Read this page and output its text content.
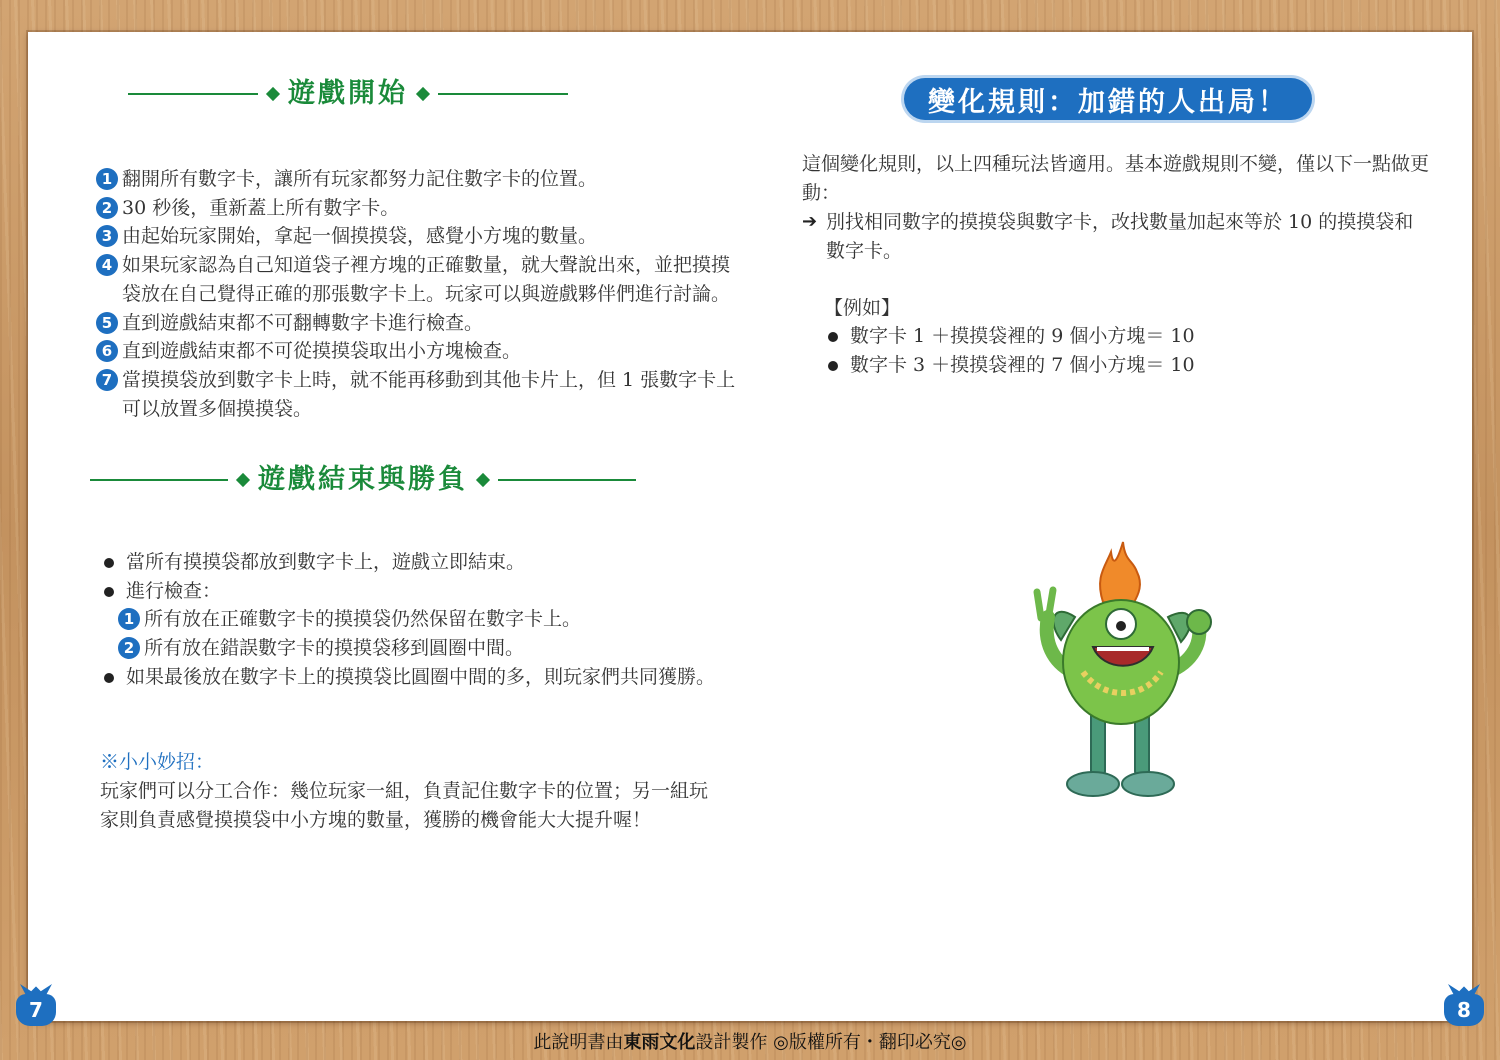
遊戲開始
1 翻開所有數字卡，讓所有玩家都努力記住數字卡的位置。
2 30 秒後，重新蓋上所有數字卡。
3 由起始玩家開始，拿起一個摸摸袋，感覺小方塊的數量。
4 如果玩家認為自己知道袋子裡方塊的正確數量，就大聲說出來，並把摸摸袋放在自己覺得正確的那張數字卡上。玩家可以與遊戲夥伴們進行討論。
5 直到遊戲結束都不可翻轉數字卡進行檢查。
6 直到遊戲結束都不可從摸摸袋取出小方塊檢查。
7 當摸摸袋放到數字卡上時，就不能再移動到其他卡片上，但 1 張數字卡上可以放置多個摸摸袋。
遊戲結束與勝負
當所有摸摸袋都放到數字卡上，遊戲立即結束。
進行檢查：
1 所有放在正確數字卡的摸摸袋仍然保留在數字卡上。
2 所有放在錯誤數字卡的摸摸袋移到圓圈中間。
如果最後放在數字卡上的摸摸袋比圓圈中間的多，則玩家們共同獲勝。
※小小妙招：
玩家們可以分工合作：幾位玩家一組，負責記住數字卡的位置；另一組玩家則負責感覺摸摸袋中小方塊的數量，獲勝的機會能大大提升喔！
變化規則：加錯的人出局！
這個變化規則，以上四種玩法皆適用。基本遊戲規則不變，僅以下一點做更動：
➔ 別找相同數字的摸摸袋與數字卡，改找數量加起來等於 10 的摸摸袋和數字卡。
【例如】
數字卡 1 ＋摸摸袋裡的 9 個小方塊＝ 10
數字卡 3 ＋摸摸袋裡的 7 個小方塊＝ 10
7	8
此說明書由 東雨文化 設計製作 ◎版權所有・翻印必究◎
